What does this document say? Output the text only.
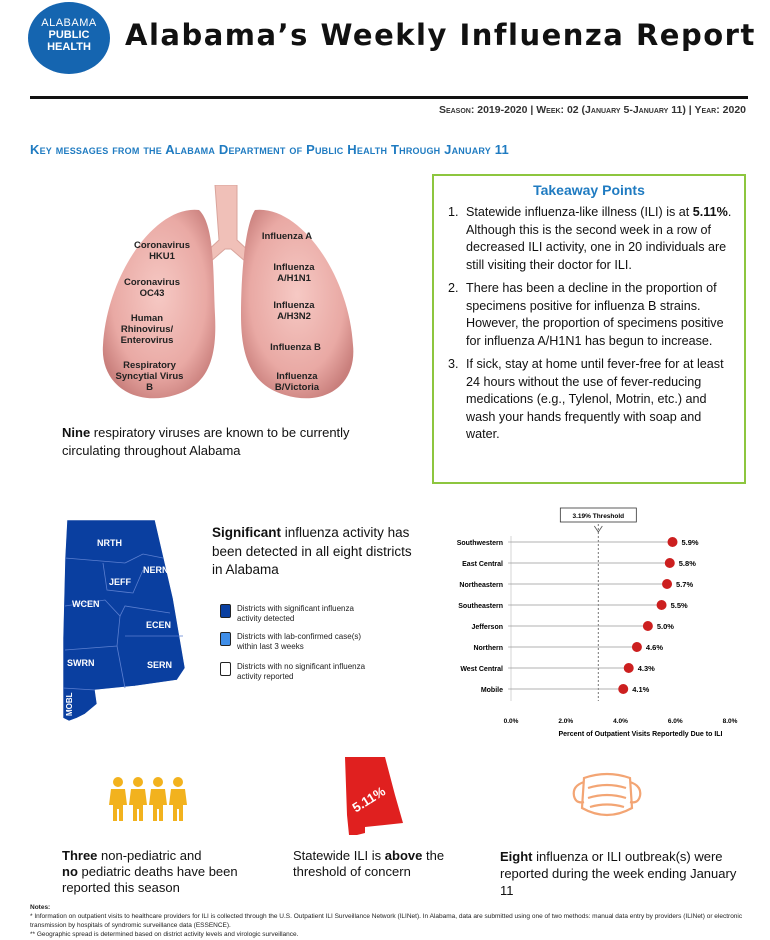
ALABAMA
PUBLIC
HEALTH	Alabama’s Weekly Influenza Report
Season: 2019-2020 | Week: 02 (January 5-January 11) | Year: 2020
Key messages from the Alabama Department of Public Health Through January 11
Coronavirus HKU1
Coronavirus OC43
Human Rhinovirus/ Enterovirus
Respiratory Syncytial Virus B
Influenza A
Influenza A/H1N1
Influenza A/H3N2
Influenza B
Influenza B/Victoria
Nine respiratory viruses are known to be currently circulating throughout Alabama
Takeaway Points
1. Statewide influenza-like illness (ILI) is at 5.11%. Although this is the second week in a row of decreased ILI activity, one in 20 individuals are still visiting their doctor for ILI.
2. There has been a decline in the proportion of specimens positive for influenza B strains. However, the proportion of specimens positive for influenza A/H1N1 has begun to increase.
3. If sick, stay at home until fever-free for at least 24 hours without the use of fever-reducing medications (e.g., Tylenol, Motrin, etc.) and wash your hands frequently with soap and water.
NRTH
NERN
JEFF
WCEN
ECEN
SWRN	SERN
MOBL
Significant influenza activity has been detected in all eight districts in Alabama
Districts with significant influenza activity detected
Districts with lab-confirmed case(s) within last 3 weeks
Districts with no significant influenza activity reported
3.19% Threshold
Southwestern	5.9%
East Central	5.8%
Northeastern	5.7%
Southeastern	5.5%
Jefferson	5.0%
Northern	4.6%
West Central	4.3%
Mobile	4.1%
0.0%	2.0%	4.0%	6.0%	8.0%
Percent of Outpatient Visits Reportedly Due to ILI
5.11%
Three non-pediatric and
no pediatric deaths have been reported this season
Statewide ILI is above the threshold of concern
Eight influenza or ILI outbreak(s) were reported during the week ending January 11
Notes:
* Information on outpatient visits to healthcare providers for ILI is collected through the U.S. Outpatient ILI Surveillance Network (ILINet). In Alabama, data are submitted using one of two methods: manual data entry by providers (ILINet) or electronic transmission by hospitals of syndromic surveillance data (ESSENCE).
** Geographic spread is determined based on district activity levels and virologic surveillance.
